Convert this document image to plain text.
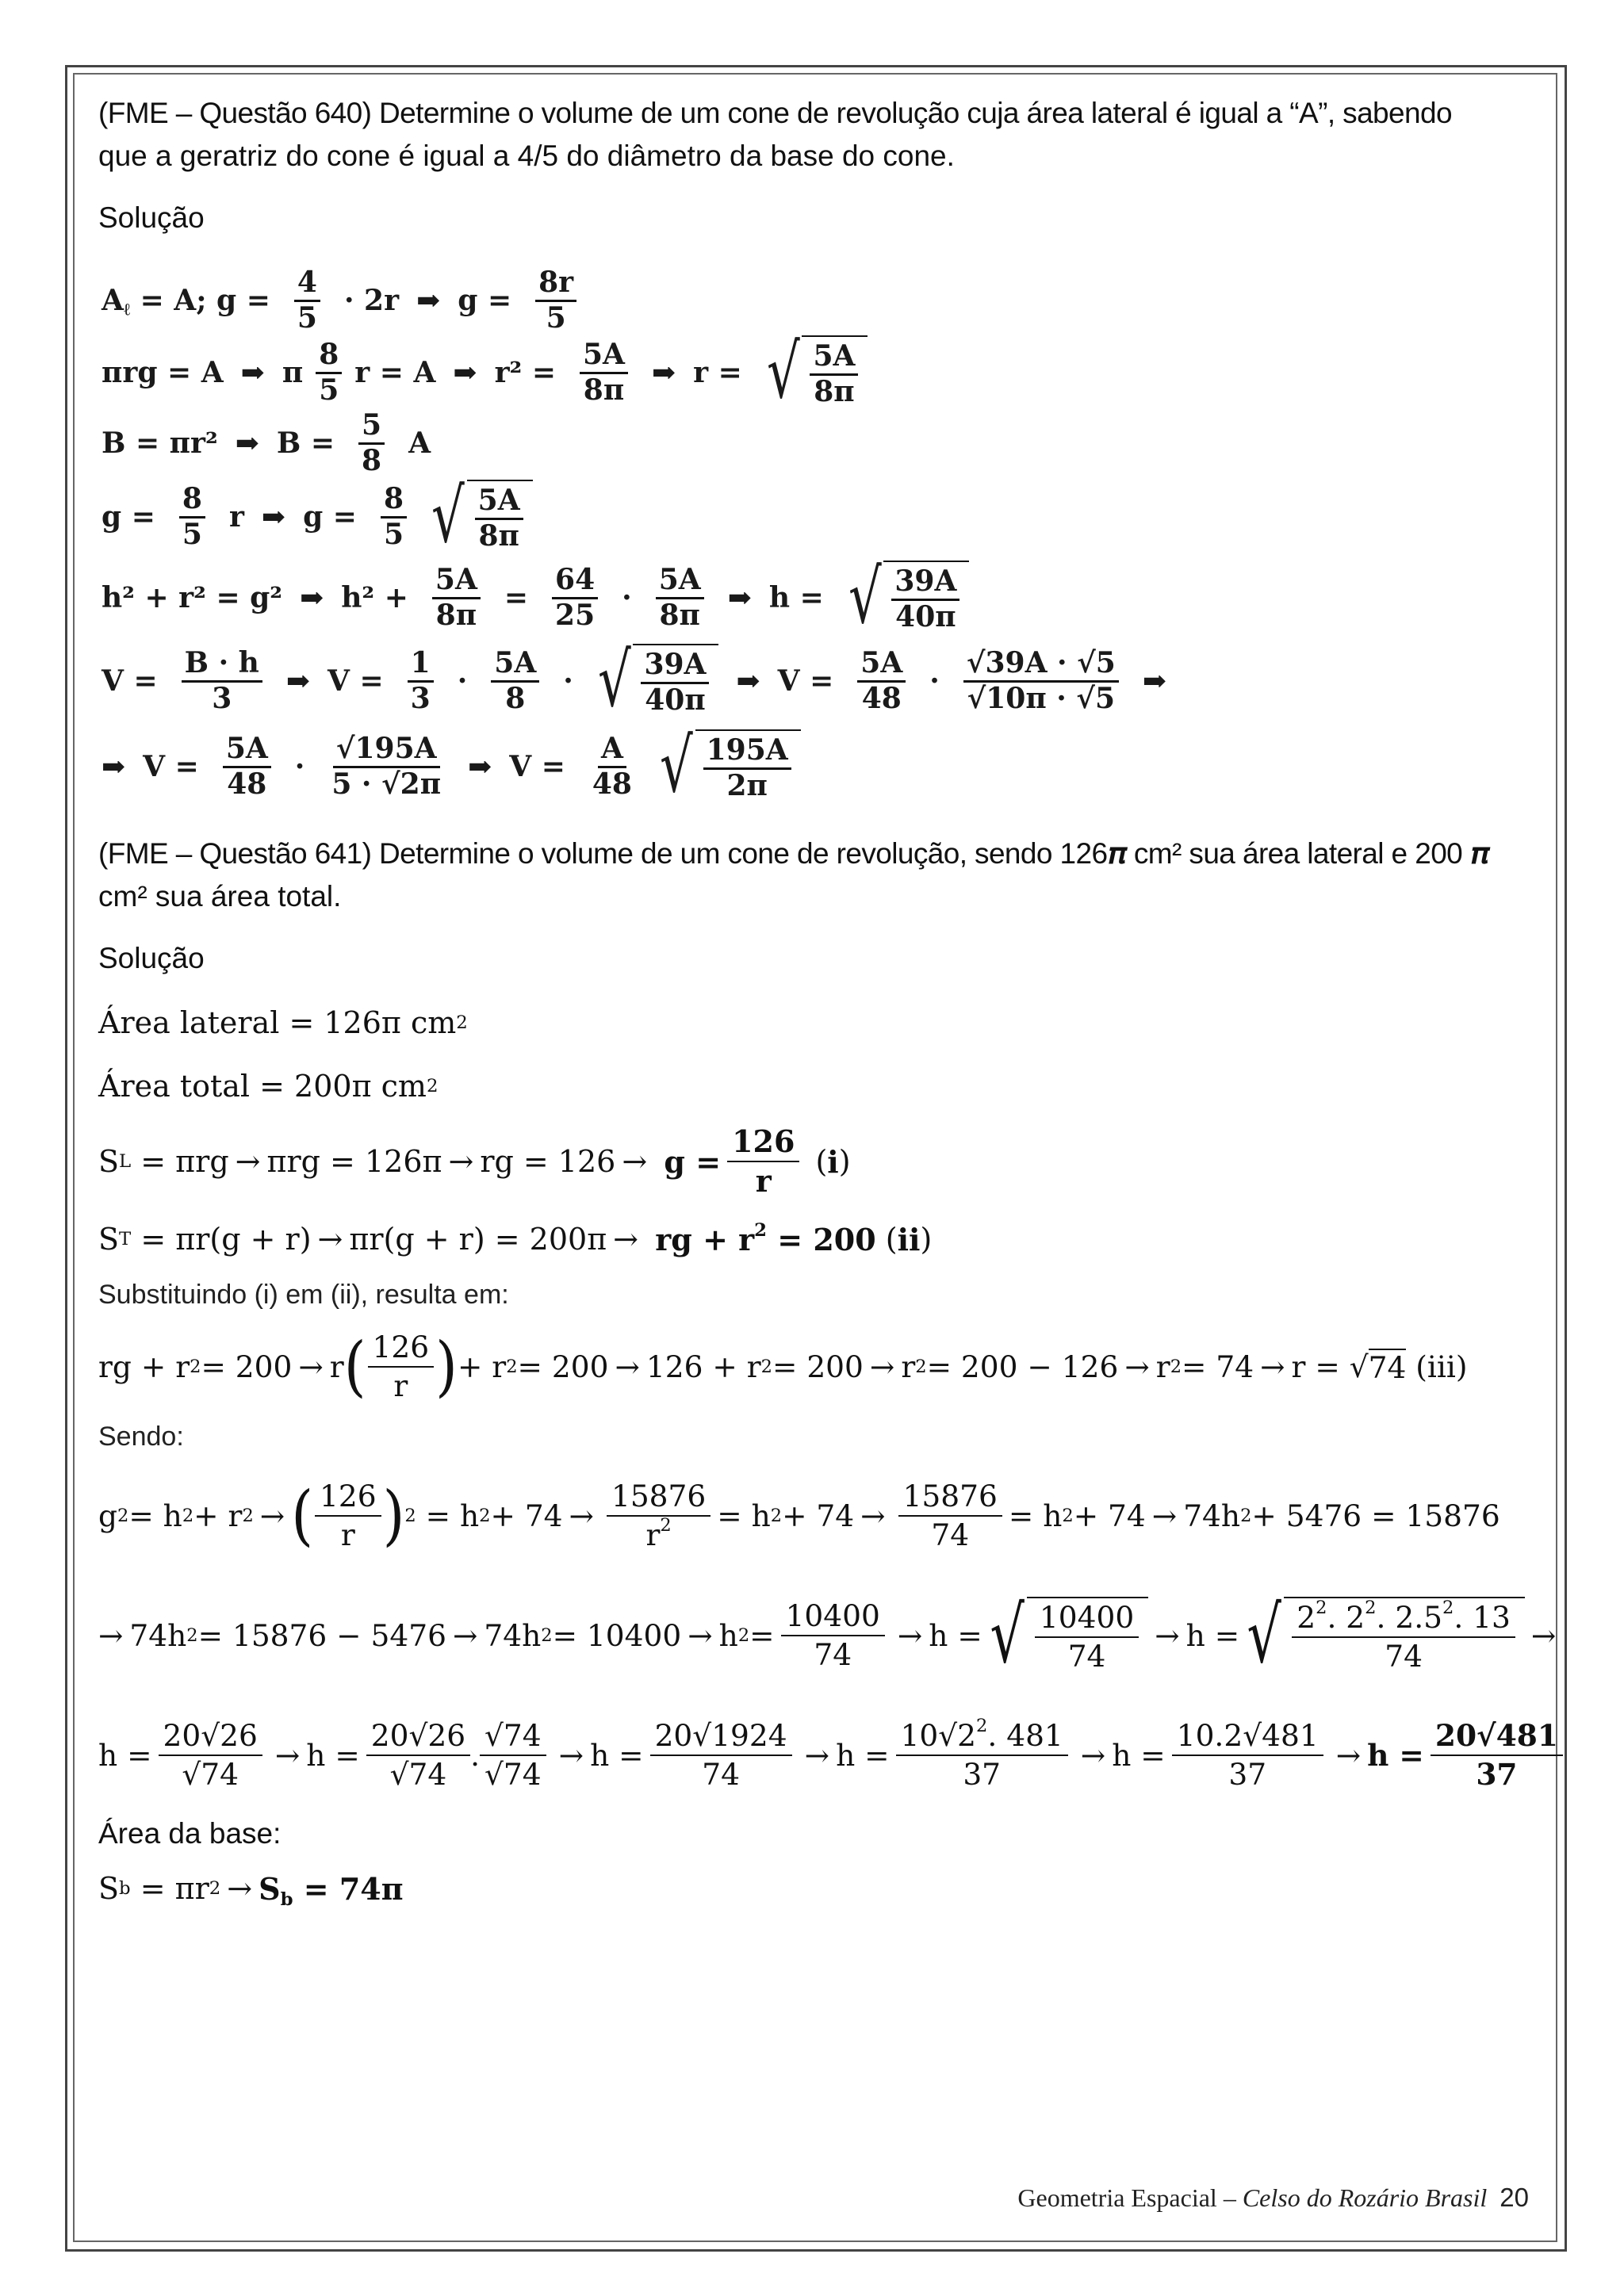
(FME – Questão 640) Determine o volume de um cone de revolução cuja área lateral é igual a “A”, sabendo

que a geratriz do cone é igual a 4/5 do diâmetro da base do cone.

Solução

$A_\ell = A$; $g = \frac{4}{5} \cdot 2r$ ➡ $g = \frac{8r}{5}$
πrg = A ➡ π $\frac{8}{5}$ r = A ➡ $r^2 = \frac{5A}{8\pi}$ ➡ r = √ $\frac{5A}{8\pi}$
B = πr² ➡ $B = \frac{5}{8}$ A
$g = \frac{8}{5}$ r ➡ $g = \frac{8}{5}$ √ $\frac{5A}{8\pi}$
h² + r² = g² ➡ $h^2 + \frac{5A}{8\pi} = \frac{64}{25} \cdot \frac{5A}{8\pi}$ ➡ h = √ $\frac{39A}{40\pi}$
$V = \frac{B \cdot h}{3}$ ➡ $V = \frac{1}{3} \cdot \frac{5A}{8}$ · √ $\frac{39A}{40\pi}$ ➡ $V = \frac{5A}{48} \cdot \frac{√39A \cdot √5}{√10\pi \cdot √5}$ ➡
➡ $V = \frac{5A}{48} \cdot \frac{√195A}{5 \cdot √2\pi}$ ➡ $V = \frac{A}{48}$ √ $\frac{195A}{2\pi}$

(FME – Questão 641) Determine o volume de um cone de revolução, sendo 126𝝅 cm² sua área lateral e 200 𝝅

cm² sua área total.

Solução

Área lateral = 126π cm 2
Área total = 200π cm 2
S L = πrg → πrg = 126π → rg = $126 \to g = \frac{126}{r}$ ( i )
S T = πr(g + r) → πr(g + r) = 200π → rg + $r^2 = 200$ ( ii )
Substituindo (i) em (ii), resulta em:
rg + r 2 = 200 → r ( $\frac{126}{r}$ ) + r 2 = 200 → 126 + r 2 = 200 → r 2 = 200 − 126 → r 2 = 74 → r = √ 74 (iii)
Sendo:
g 2 = h 2 + r 2 → ( $\frac{126}{r}$ ) 2 = h $2 + 74 \to \frac{15876}{r^2} = h$ $2 + 74 \to \frac{15876}{74} = h$ 2 + 74 → 74h 2 + 5476 = 15876
→ 74h 2 = 15876 − 5476 → 74h 2 = 10400 → h $2 = \frac{10400}{74} \to h$ = √ $\frac{10400}{74} \to h$ = √ $\frac{2^2. 2^2. 2.5^2. 13}{74}$ →
$h = \frac{20√26}{√74} \to h = \frac{20√26}{√74}$ . $\frac{√74}{√74} \to h = \frac{20√1924}{74} \to h = \frac{10√2^2. 481}{37} \to h = \frac{10.2√481}{37} \to h = \frac{20√481}{37}$

Área da base:

S b = πr $2 \to S_b = 74\pi$
Geometria Espacial – Celso do Rozário Brasil 20
